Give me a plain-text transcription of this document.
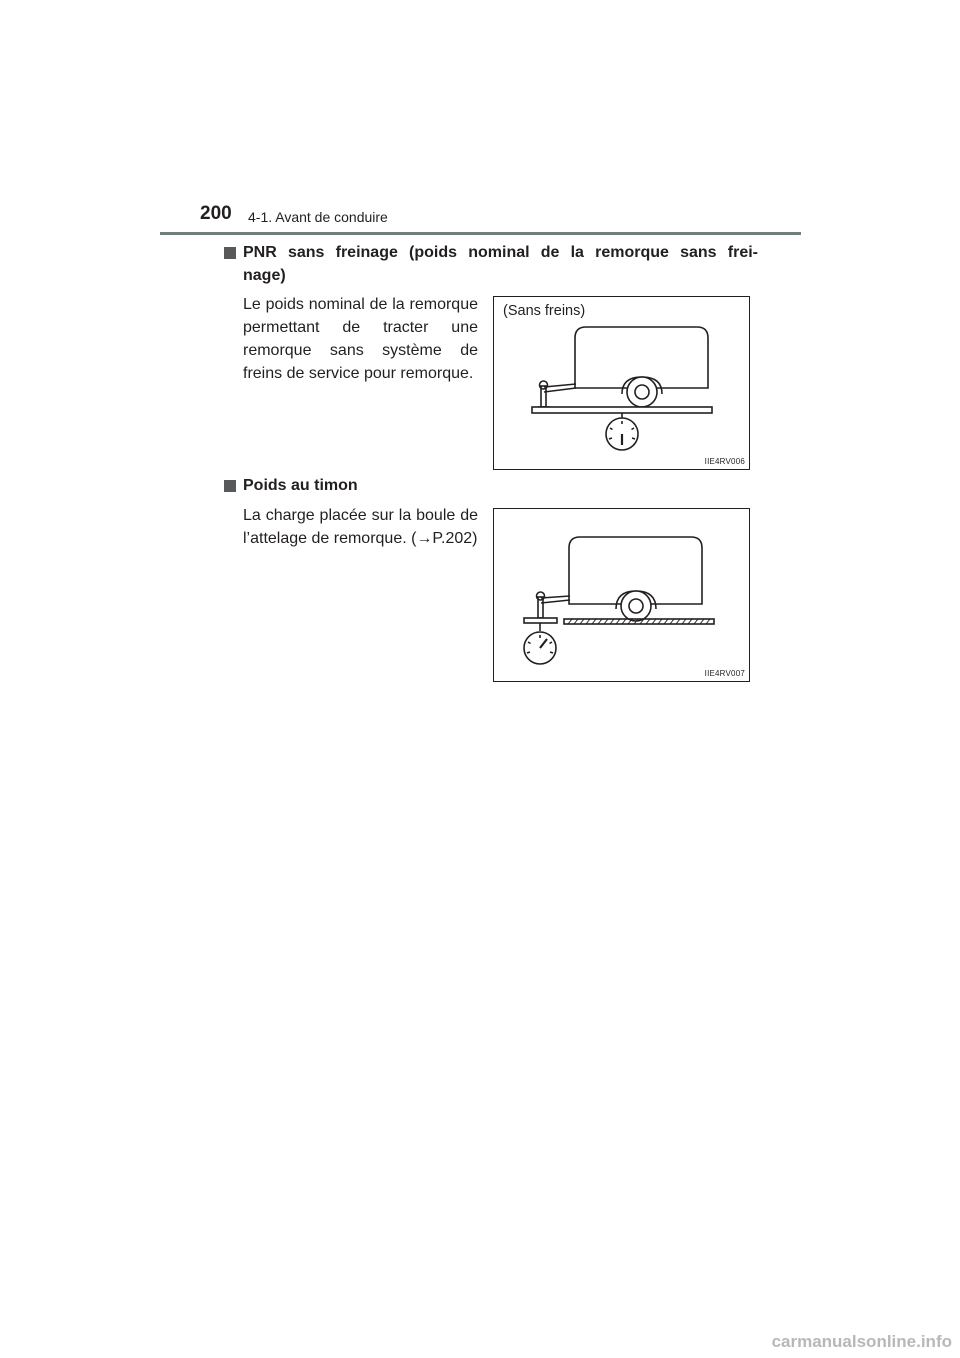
200 4-1. Avant de conduire
PNR sans freinage (poids nominal de la remorque sans frei-
nage)
Le poids nominal de la remorque permettant de tracter une remorque sans système de freins de service pour remorque.
(Sans freins)
IIE4RV006
Poids au timon
La charge placée sur la boule de l’attelage de remorque. (→P.202)
IIE4RV007
carmanualsonline.info
